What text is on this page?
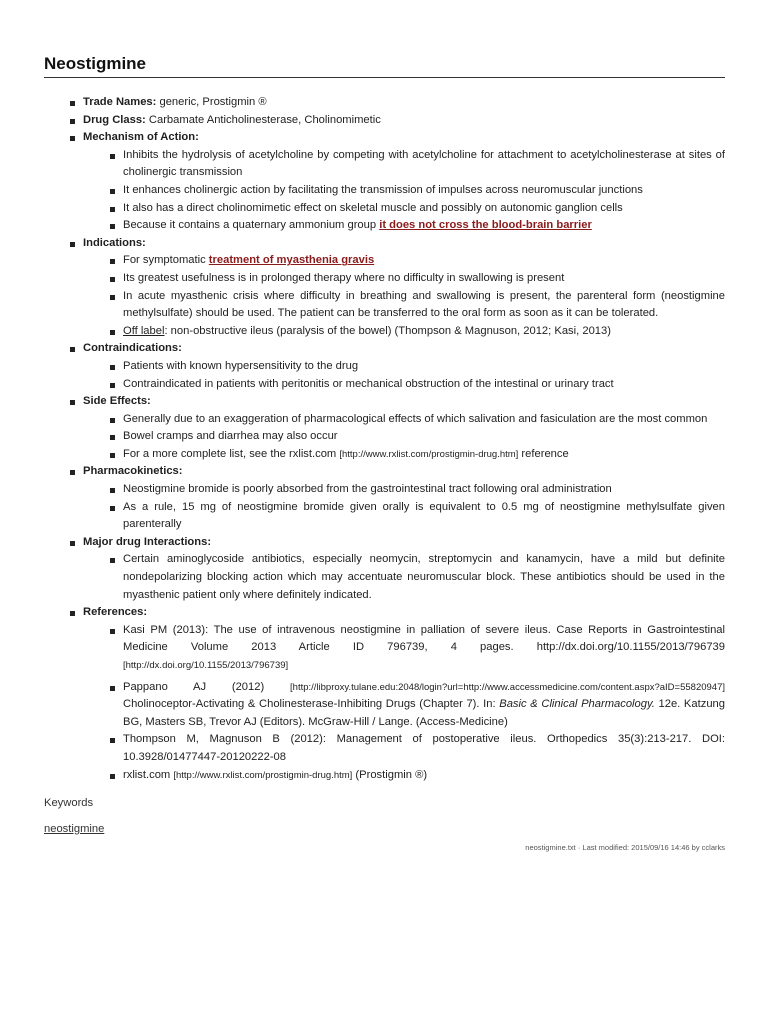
Neostigmine
Trade Names: generic, Prostigmin ®
Drug Class: Carbamate Anticholinesterase, Cholinomimetic
Mechanism of Action:
Inhibits the hydrolysis of acetylcholine by competing with acetylcholine for attachment to acetylcholinesterase at sites of cholinergic transmission
It enhances cholinergic action by facilitating the transmission of impulses across neuromuscular junctions
It also has a direct cholinomimetic effect on skeletal muscle and possibly on autonomic ganglion cells
Because it contains a quaternary ammonium group it does not cross the blood-brain barrier
Indications:
For symptomatic treatment of myasthenia gravis
Its greatest usefulness is in prolonged therapy where no difficulty in swallowing is present
In acute myasthenic crisis where difficulty in breathing and swallowing is present, the parenteral form (neostigmine methylsulfate) should be used. The patient can be transferred to the oral form as soon as it can be tolerated.
Off label: non-obstructive ileus (paralysis of the bowel) (Thompson & Magnuson, 2012; Kasi, 2013)
Contraindications:
Patients with known hypersensitivity to the drug
Contraindicated in patients with peritonitis or mechanical obstruction of the intestinal or urinary tract
Side Effects:
Generally due to an exaggeration of pharmacological effects of which salivation and fasiculation are the most common
Bowel cramps and diarrhea may also occur
For a more complete list, see the rxlist.com [http://www.rxlist.com/prostigmin-drug.htm] reference
Pharmacokinetics:
Neostigmine bromide is poorly absorbed from the gastrointestinal tract following oral administration
As a rule, 15 mg of neostigmine bromide given orally is equivalent to 0.5 mg of neostigmine methylsulfate given parenterally
Major drug Interactions:
Certain aminoglycoside antibiotics, especially neomycin, streptomycin and kanamycin, have a mild but definite nondepolarizing blocking action which may accentuate neuromuscular block. These antibiotics should be used in the myasthenic patient only where definitely indicated.
References:
Kasi PM (2013): The use of intravenous neostigmine in palliation of severe ileus. Case Reports in Gastrointestinal Medicine Volume 2013 Article ID 796739, 4 pages. http://dx.doi.org/10.1155/2013/796739 [http://dx.doi.org/10.1155/2013/796739]
Pappano AJ (2012) [http://libproxy.tulane.edu:2048/login?url=http://www.accessmedicine.com/content.aspx?aID=55820947] Cholinoceptor-Activating & Cholinesterase-Inhibiting Drugs (Chapter 7). In: Basic & Clinical Pharmacology. 12e. Katzung BG, Masters SB, Trevor AJ (Editors). McGraw-Hill / Lange. (Access-Medicine)
Thompson M, Magnuson B (2012): Management of postoperative ileus. Orthopedics 35(3):213-217. DOI: 10.3928/01477447-20120222-08
rxlist.com [http://www.rxlist.com/prostigmin-drug.htm] (Prostigmin ®)
Keywords
neostigmine
neostigmine.txt · Last modified: 2015/09/16 14:46 by cclarks
